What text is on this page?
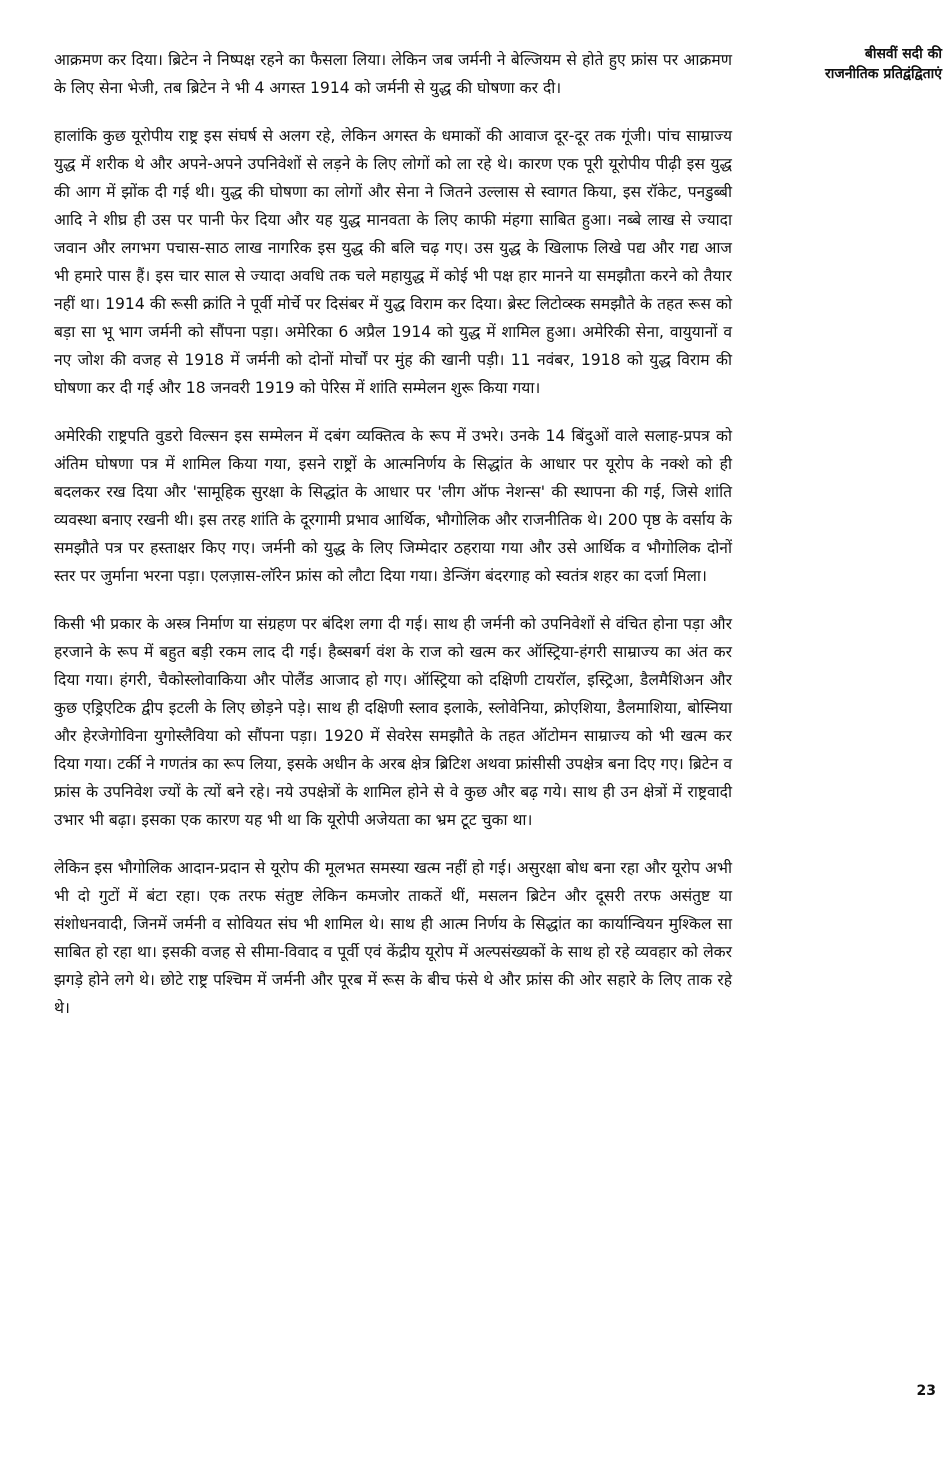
बीसवीं सदी की
राजनीतिक प्रतिद्वंद्विताएं

आक्रमण कर दिया। ब्रिटेन ने निष्पक्ष रहने का फैसला लिया। लेकिन जब जर्मनी ने बेल्जियम से होते हुए फ्रांस पर आक्रमण के लिए सेना भेजी, तब ब्रिटेन ने भी 4 अगस्त 1914 को जर्मनी से युद्ध की घोषणा कर दी।

हालांकि कुछ यूरोपीय राष्ट्र इस संघर्ष से अलग रहे, लेकिन अगस्त के धमाकों की आवाज दूर-दूर तक गूंजी। पांच साम्राज्य युद्ध में शरीक थे और अपने-अपने उपनिवेशों से लड़ने के लिए लोगों को ला रहे थे। कारण एक पूरी यूरोपीय पीढ़ी इस युद्ध की आग में झोंक दी गई थी। युद्ध की घोषणा का लोगों और सेना ने जितने उल्लास से स्वागत किया, इस रॉकेट, पनडुब्बी आदि ने शीघ्र ही उस पर पानी फेर दिया और यह युद्ध मानवता के लिए काफी मंहगा साबित हुआ। नब्बे लाख से ज्यादा जवान और लगभग पचास-साठ लाख नागरिक इस युद्ध की बलि चढ़ गए। उस युद्ध के खिलाफ लिखे पद्य और गद्य आज भी हमारे पास हैं। इस चार साल से ज्यादा अवधि तक चले महायुद्ध में कोई भी पक्ष हार मानने या समझौता करने को तैयार नहीं था। 1914 की रूसी क्रांति ने पूर्वी मोर्चे पर दिसंबर में युद्ध विराम कर दिया। ब्रेस्ट लिटोव्स्क समझौते के तहत रूस को बड़ा सा भू भाग जर्मनी को सौंपना पड़ा। अमेरिका 6 अप्रैल 1914 को युद्ध में शामिल हुआ। अमेरिकी सेना, वायुयानों व नए जोश की वजह से 1918 में जर्मनी को दोनों मोर्चों पर मुंह की खानी पड़ी। 11 नवंबर, 1918 को युद्ध विराम की घोषणा कर दी गई और 18 जनवरी 1919 को पेरिस में शांति सम्मेलन शुरू किया गया।

अमेरिकी राष्ट्रपति वुडरो विल्सन इस सम्मेलन में दबंग व्यक्तित्व के रूप में उभरे। उनके 14 बिंदुओं वाले सलाह-प्रपत्र को अंतिम घोषणा पत्र में शामिल किया गया, इसने राष्ट्रों के आत्मनिर्णय के सिद्धांत के आधार पर यूरोप के नक्शे को ही बदलकर रख दिया और 'सामूहिक सुरक्षा के सिद्धांत के आधार पर 'लीग ऑफ नेशन्स' की स्थापना की गई, जिसे शांति व्यवस्था बनाए रखनी थी। इस तरह शांति के दूरगामी प्रभाव आर्थिक, भौगोलिक और राजनीतिक थे। 200 पृष्ठ के वर्साय के समझौते पत्र पर हस्ताक्षर किए गए। जर्मनी को युद्ध के लिए जिम्मेदार ठहराया गया और उसे आर्थिक व भौगोलिक दोनों स्तर पर जुर्माना भरना पड़ा। एलज़ास-लॉरेन फ्रांस को लौटा दिया गया। डेन्जिंग बंदरगाह को स्वतंत्र शहर का दर्जा मिला।

किसी भी प्रकार के अस्त्र निर्माण या संग्रहण पर बंदिश लगा दी गई। साथ ही जर्मनी को उपनिवेशों से वंचित होना पड़ा और हरजाने के रूप में बहुत बड़ी रकम लाद दी गई। हैब्सबर्ग वंश के राज को खत्म कर ऑस्ट्रिया-हंगरी साम्राज्य का अंत कर दिया गया। हंगरी, चैकोस्लोवाकिया और पोलैंड आजाद हो गए। ऑस्ट्रिया को दक्षिणी टायरॉल, इस्ट्रिआ, डैलमैशिअन और कुछ एड्रिएटिक द्वीप इटली के लिए छोड़ने पड़े। साथ ही दक्षिणी स्लाव इलाके, स्लोवेनिया, क्रोएशिया, डैलमाशिया, बोस्निया और हेरजेगोविना युगोस्लैविया को सौंपना पड़ा। 1920 में सेवरेस समझौते के तहत ऑटोमन साम्राज्य को भी खत्म कर दिया गया। टर्की ने गणतंत्र का रूप लिया, इसके अधीन के अरब क्षेत्र ब्रिटिश अथवा फ्रांसीसी उपक्षेत्र बना दिए गए। ब्रिटेन व फ्रांस के उपनिवेश ज्यों के त्यों बने रहे। नये उपक्षेत्रों के शामिल होने से वे कुछ और बढ़ गये। साथ ही उन क्षेत्रों में राष्ट्रवादी उभार भी बढ़ा। इसका एक कारण यह भी था कि यूरोपी अजेयता का भ्रम टूट चुका था।

लेकिन इस भौगोलिक आदान-प्रदान से यूरोप की मूलभत समस्या खत्म नहीं हो गई। असुरक्षा बोध बना रहा और यूरोप अभी भी दो गुटों में बंटा रहा। एक तरफ संतुष्ट लेकिन कमजोर ताकतें थीं, मसलन ब्रिटेन और दूसरी तरफ असंतुष्ट या संशोधनवादी, जिनमें जर्मनी व सोवियत संघ भी शामिल थे। साथ ही आत्म निर्णय के सिद्धांत का कार्यान्वियन मुश्किल सा साबित हो रहा था। इसकी वजह से सीमा-विवाद व पूर्वी एवं केंद्रीय यूरोप में अल्पसंख्यकों के साथ हो रहे व्यवहार को लेकर झगड़े होने लगे थे। छोटे राष्ट्र पश्चिम में जर्मनी और पूरब में रूस के बीच फंसे थे और फ्रांस की ओर सहारे के लिए ताक रहे थे।

23
